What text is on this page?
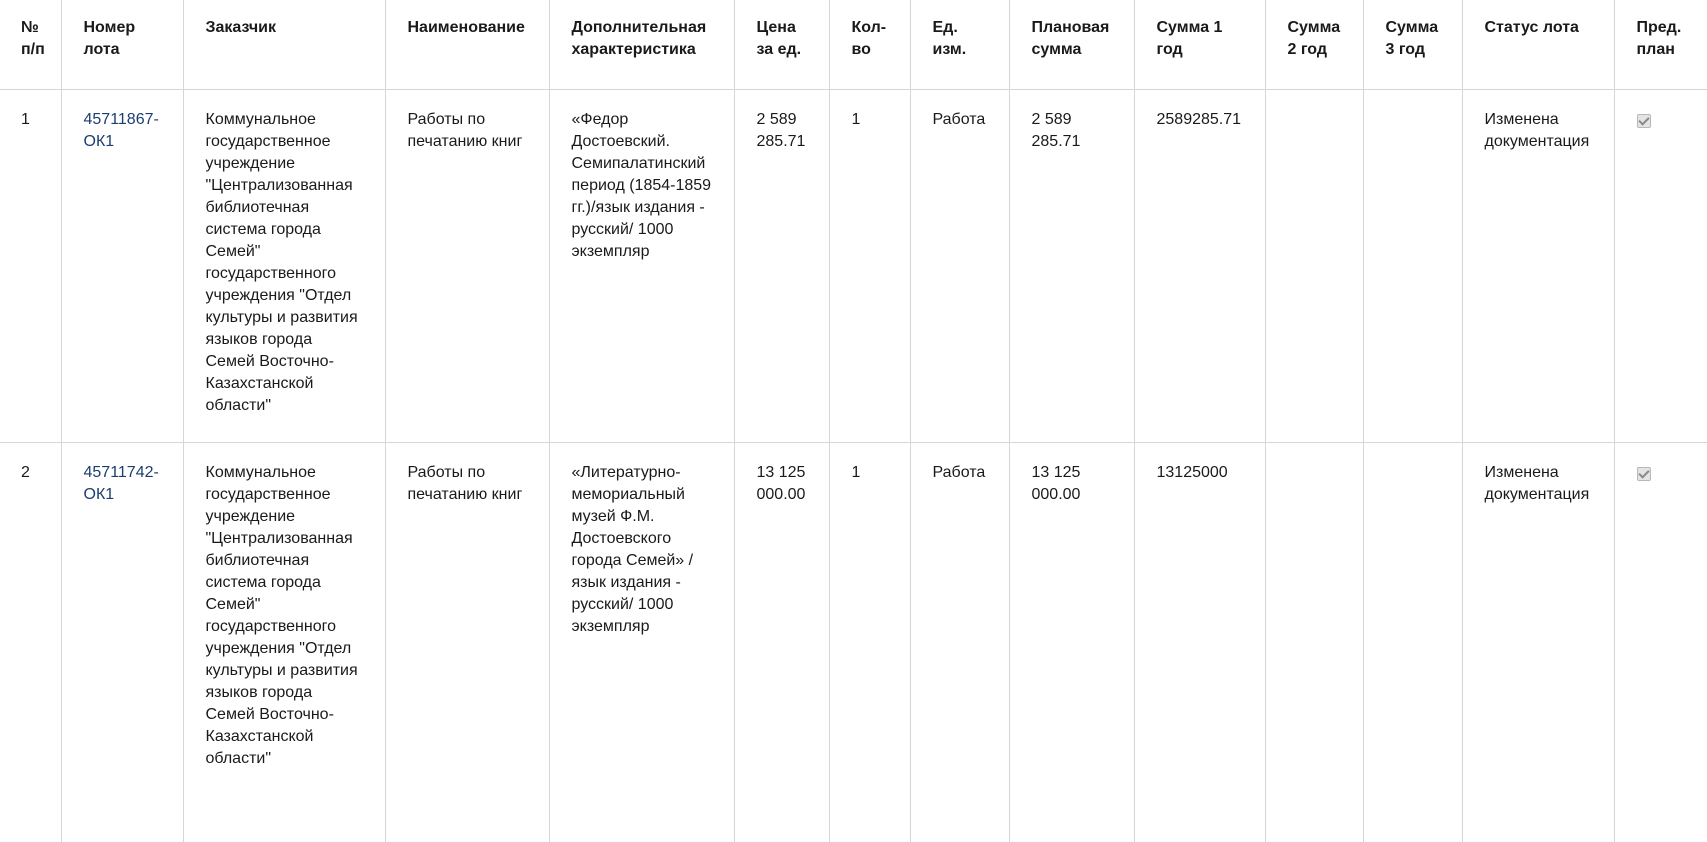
№ п/п	Номер лота	Заказчик	Наименование	Дополнительная характеристика	Цена за ед.	Кол-во	Ед. изм.	Плановая сумма	Сумма 1 год	Сумма 2 год	Сумма 3 год	Статус лота	Пред. план
1	45711867-ОК1	Коммунальное государственное учреждение "Централизованная библиотечная система города Семей" государственного учреждения "Отдел культуры и развития языков города Семей Восточно-Казахстанской области"	Работы по печатанию книг	«Федор Достоевский. Семипалатинский период (1854-1859 гг.)/язык издания - русский/ 1000 экземпляр	2 589 285.71	1	Работа	2 589 285.71	2589285.71			Изменена документация	
2	45711742-ОК1	Коммунальное государственное учреждение "Централизованная библиотечная система города Семей" государственного учреждения "Отдел культуры и развития языков города Семей Восточно-Казахстанской области"	Работы по печатанию книг	«Литературно-мемориальный музей Ф.М. Достоевского города Семей» / язык издания - русский/ 1000 экземпляр	13 125 000.00	1	Работа	13 125 000.00	13125000			Изменена документация	
